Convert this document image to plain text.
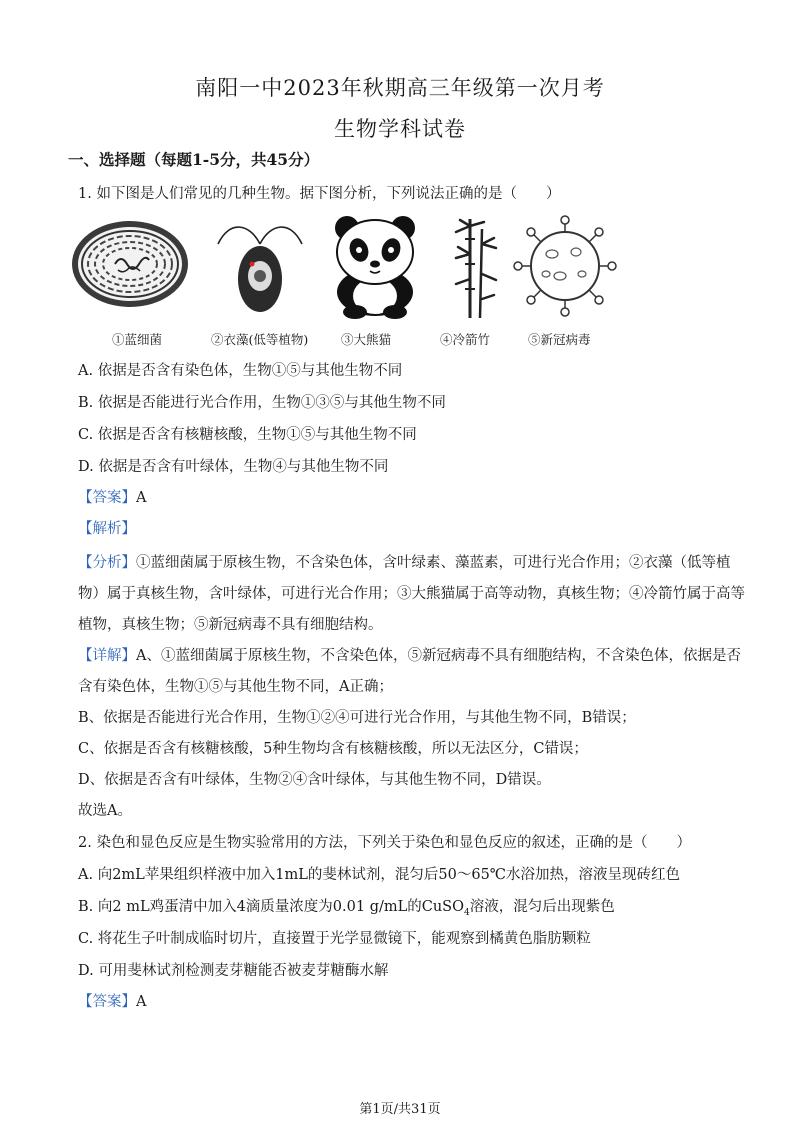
南阳一中2023年秋期高三年级第一次月考
生物学科试卷
一、选择题（每题1-5分，共45分）
1. 如下图是人们常见的几种生物。据下图分析，下列说法正确的是（　　）
①蓝细菌	②衣藻(低等植物)	③大熊猫	④冷箭竹	⑤新冠病毒
A. 依据是否含有染色体，生物①⑤与其他生物不同
B. 依据是否能进行光合作用，生物①③⑤与其他生物不同
C. 依据是否含有核糖核酸，生物①⑤与其他生物不同
D. 依据是否含有叶绿体，生物④与其他生物不同
【答案】A
【解析】
【分析】①蓝细菌属于原核生物，不含染色体，含叶绿素、藻蓝素，可进行光合作用；②衣藻（低等植
物）属于真核生物，含叶绿体，可进行光合作用；③大熊猫属于高等动物，真核生物；④冷箭竹属于高等
植物，真核生物；⑤新冠病毒不具有细胞结构。
【详解】A、①蓝细菌属于原核生物，不含染色体，⑤新冠病毒不具有细胞结构，不含染色体，依据是否
含有染色体，生物①⑤与其他生物不同，A正确；
B、依据是否能进行光合作用，生物①②④可进行光合作用，与其他生物不同，B错误；
C、依据是否含有核糖核酸，5种生物均含有核糖核酸，所以无法区分，C错误；
D、依据是否含有叶绿体，生物②④含叶绿体，与其他生物不同，D错误。
故选A。
2. 染色和显色反应是生物实验常用的方法，下列关于染色和显色反应的叙述，正确的是（　　）
A. 向2mL苹果组织样液中加入1mL的斐林试剂，混匀后50～65℃水浴加热，溶液呈现砖红色
B. 向2 mL鸡蛋清中加入4滴质量浓度为0.01 g/mL的CuSO$_4$溶液，混匀后出现紫色
C. 将花生子叶制成临时切片，直接置于光学显微镜下，能观察到橘黄色脂肪颗粒
D. 可用斐林试剂检测麦芽糖能否被麦芽糖酶水解
【答案】A
第1页/共31页
